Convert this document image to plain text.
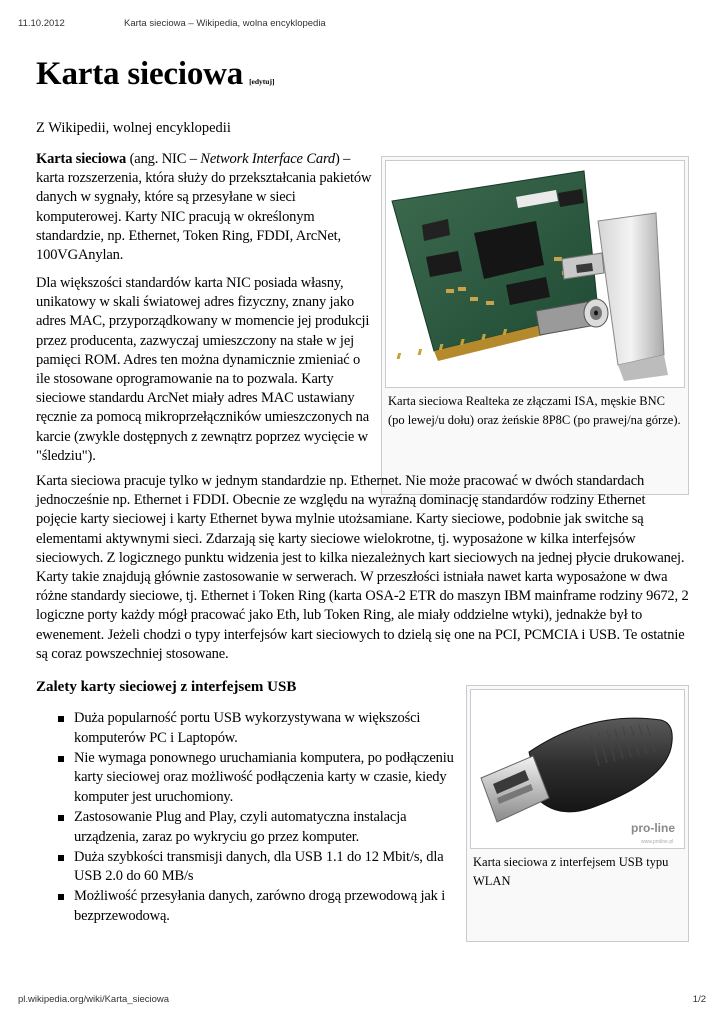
11.10.2012	Karta sieciowa – Wikipedia, wolna encyklopedia
Karta sieciowa [edytuj]
Z Wikipedii, wolnej encyklopedii

Karta sieciowa (ang. NIC – Network Interface Card) – karta rozszerzenia, która służy do przekształcania pakietów danych w sygnały, które są przesyłane w sieci komputerowej. Karty NIC pracują w określonym standardzie, np. Ethernet, Token Ring, FDDI, ArcNet, 100VGAnylan.

Dla większości standardów karta NIC posiada własny, unikatowy w skali światowej adres fizyczny, znany jako adres MAC, przyporządkowany w momencie jej produkcji przez producenta, zazwyczaj umieszczony na stałe w jej pamięci ROM. Adres ten można dynamicznie zmieniać o ile stosowane oprogramowanie na to pozwala. Karty sieciowe standardu ArcNet miały adres MAC ustawiany ręcznie za pomocą mikroprzełączników umieszczonych na karcie (zwykle dostępnych z zewnątrz poprzez wycięcie w "śledziu").

Karta sieciowa Realteka ze złączami ISA, męskie BNC (po lewej/u dołu) oraz żeńskie 8P8C (po prawej/na górze).

Karta sieciowa pracuje tylko w jednym standardzie np. Ethernet. Nie może pracować w dwóch standardach jednocześnie np. Ethernet i FDDI. Obecnie ze względu na wyraźną dominację standardów rodziny Ethernet pojęcie karty sieciowej i karty Ethernet bywa mylnie utożsamiane. Karty sieciowe, podobnie jak switche są elementami aktywnymi sieci. Zdarzają się karty sieciowe wielokrotne, tj. wyposażone w kilka interfejsów sieciowych. Z logicznego punktu widzenia jest to kilka niezależnych kart sieciowych na jednej płycie drukowanej. Karty takie znajdują głównie zastosowanie w serwerach. W przeszłości istniała nawet karta wyposażone w dwa różne standardy sieciowe, tj. Ethernet i Token Ring (karta OSA-2 ETR do maszyn IBM mainframe rodziny 9672, 2 logiczne porty każdy mógł pracować jako Eth, lub Token Ring, ale miały oddzielne wtyki), jednakże był to ewenement. Jeżeli chodzi o typy interfejsów kart sieciowych to dzielą się one na PCI, PCMCIA i USB. Te ostatnie są coraz powszechniej stosowane.

Zalety karty sieciowej z interfejsem USB
Duża popularność portu USB wykorzystywana w większości komputerów PC i Laptopów.
Nie wymaga ponownego uruchamiania komputera, po podłączeniu karty sieciowej oraz możliwość podłączenia karty w czasie, kiedy komputer jest uruchomiony.
Zastosowanie Plug and Play, czyli automatyczna instalacja urządzenia, zaraz po wykryciu go przez komputer.
Duża szybkości transmisji danych, dla USB 1.1 do 12 Mbit/s, dla USB 2.0 do 60 MB/s
Możliwość przesyłania danych, zarówno drogą przewodową jak i bezprzewodową.
pro-line
www.proline.pl
Karta sieciowa z interfejsem USB typu WLAN
pl.wikipedia.org/wiki/Karta_sieciowa	1/2
